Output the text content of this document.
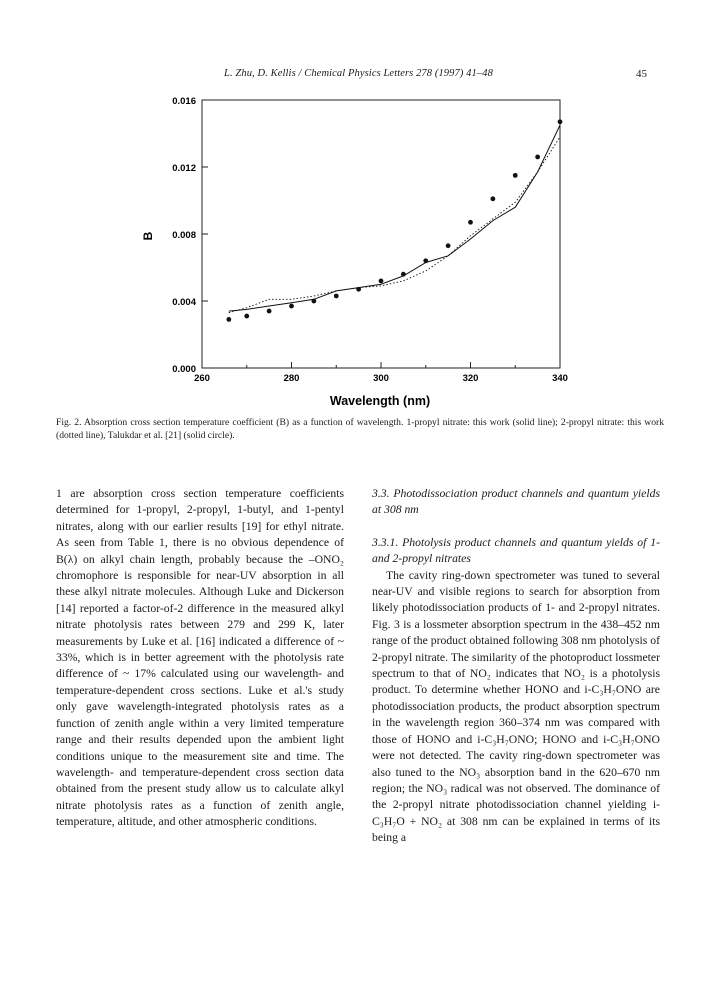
L. Zhu, D. Kellis / Chemical Physics Letters 278 (1997) 41–48	45
0.000
0.004
0.008
0.012
0.016
260	280	300	320	340
Wavelength (nm)
B
Fig. 2. Absorption cross section temperature coefficient (B) as a function of wavelength. 1-propyl nitrate: this work (solid line); 2-propyl nitrate: this work (dotted line), Talukdar et al. [21] (solid circle).

1 are absorption cross section temperature coefficients determined for 1-propyl, 2-propyl, 1-butyl, and 1-pentyl nitrates, along with our earlier results [19] for ethyl nitrate. As seen from Table 1, there is no obvious dependence of B(λ) on alkyl chain length, probably because the –ONO₂ chromophore is responsible for near-UV absorption in all these alkyl nitrate molecules. Although Luke and Dickerson [14] reported a factor-of-2 difference in the measured alkyl nitrate photolysis rates between 279 and 299 K, later measurements by Luke et al. [16] indicated a difference of ~ 33%, which is in better agreement with the photolysis rate difference of ~ 17% calculated using our wavelength- and temperature-dependent cross sections. Luke et al.'s study only gave wavelength-integrated photolysis rates as a function of zenith angle within a very limited temperature range and their results depended upon the ambient light conditions unique to the measurement site and time. The wavelength- and temperature-dependent cross section data obtained from the present study allow us to calculate alkyl nitrate photolysis rates as a function of zenith angle, temperature, altitude, and other atmospheric conditions.

3.3. Photodissociation product channels and quantum yields at 308 nm

3.3.1. Photolysis product channels and quantum yields of 1- and 2-propyl nitrates

The cavity ring-down spectrometer was tuned to several near-UV and visible regions to search for absorption from likely photodissociation products of 1- and 2-propyl nitrates. Fig. 3 is a lossmeter absorption spectrum in the 438–452 nm range of the product obtained following 308 nm photolysis of 2-propyl nitrate. The similarity of the photoproduct lossmeter spectrum to that of NO₂ indicates that NO₂ is a photolysis product. To determine whether HONO and i-C₃H₇ONO are photodissociation products, the product absorption spectrum in the wavelength region 360–374 nm was compared with those of HONO and i-C₃H₇ONO; HONO and i-C₃H₇ONO were not detected. The cavity ring-down spectrometer was also tuned to the NO₃ absorption band in the 620–670 nm region; the NO₃ radical was not observed. The dominance of the 2-propyl nitrate photodissociation channel yielding i-C₃H₇O + NO₂ at 308 nm can be explained in terms of its being a
